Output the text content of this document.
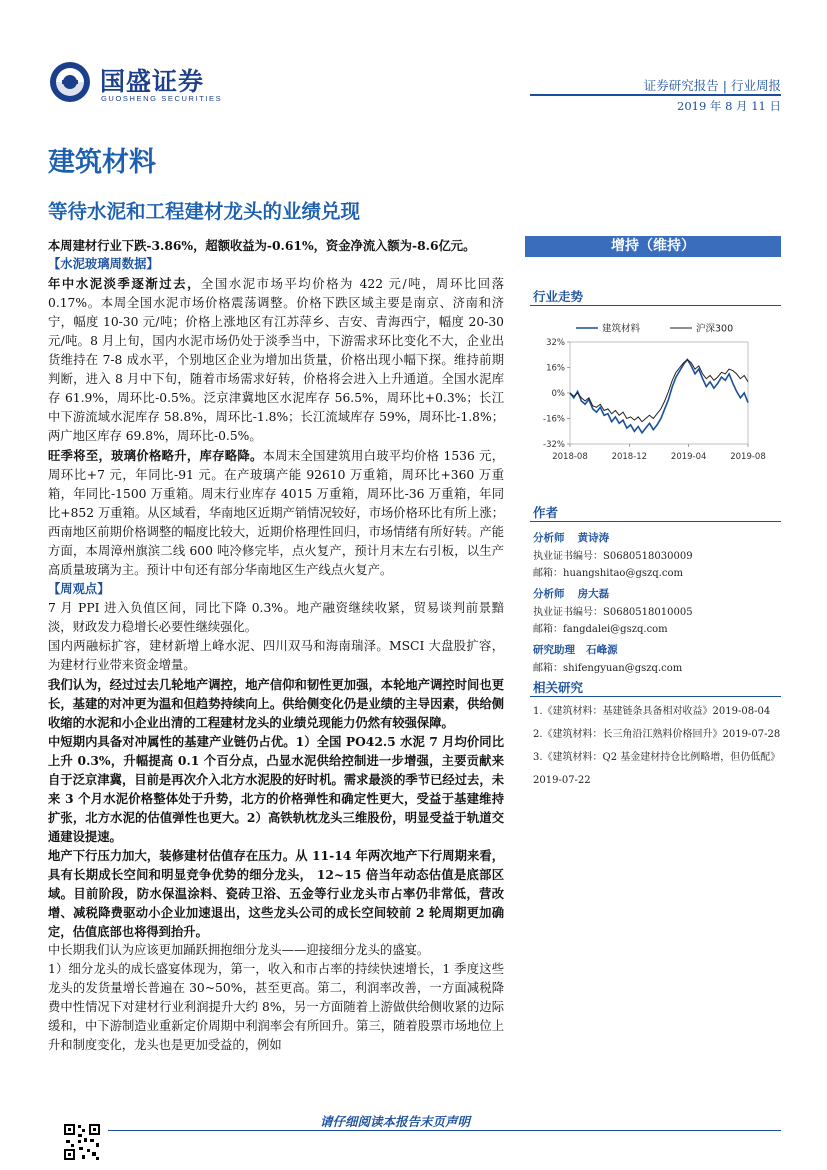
国盛证券
GUOSHENG SECURITIES
证券研究报告 | 行业周报
2019 年 8 月 11 日
建筑材料
等待水泥和工程建材龙头的业绩兑现

本周建材行业下跌-3.86%，超额收益为-0.61%，资金净流入额为-8.6亿元。

【水泥玻璃周数据】

年中水泥淡季逐渐过去，全国水泥市场平均价格为 422 元/吨，周环比回落 0.17%。本周全国水泥市场价格震荡调整。价格下跌区域主要是南京、济南和济宁，幅度 10-30 元/吨；价格上涨地区有江苏萍乡、吉安、青海西宁，幅度 20-30 元/吨。8 月上旬，国内水泥市场仍处于淡季当中，下游需求环比变化不大，企业出货维持在 7-8 成水平，个别地区企业为增加出货量，价格出现小幅下探。维持前期判断，进入 8 月中下旬，随着市场需求好转，价格将会进入上升通道。全国水泥库存 61.9%，周环比-0.5%。泛京津冀地区水泥库存 56.5%，周环比+0.3%；长江中下游流域水泥库存 58.8%，周环比-1.8%；长江流域库存 59%，周环比-1.8%；两广地区库存 69.8%，周环比-0.5%。

旺季将至，玻璃价格略升，库存略降。本周末全国建筑用白玻平均价格 1536 元，周环比+7 元，年同比-91 元。在产玻璃产能 92610 万重箱，周环比+360 万重箱，年同比-1500 万重箱。周末行业库存 4015 万重箱，周环比-36 万重箱，年同比+852 万重箱。从区域看，华南地区近期产销情况较好，市场价格环比有所上涨；西南地区前期价格调整的幅度比较大，近期价格理性回归，市场情绪有所好转。产能方面，本周漳州旗滨二线 600 吨冷修完毕，点火复产，预计月末左右引板，以生产高质量玻璃为主。预计中旬还有部分华南地区生产线点火复产。

【周观点】

7 月 PPI 进入负值区间，同比下降 0.3%。地产融资继续收紧，贸易谈判前景黯淡，财政发力稳增长必要性继续强化。

国内两融标扩容，建材新增上峰水泥、四川双马和海南瑞泽。MSCI 大盘股扩容，为建材行业带来资金增量。

我们认为，经过过去几轮地产调控，地产信仰和韧性更加强，本轮地产调控时间也更长，基建的对冲更为温和但趋势持续向上。供给侧变化仍是业绩的主导因素，供给侧收缩的水泥和小企业出清的工程建材龙头的业绩兑现能力仍然有较强保障。

中短期内具备对冲属性的基建产业链仍占优。1）全国 PO42.5 水泥 7 月均价同比上升 0.3%，升幅提高 0.1 个百分点，凸显水泥供给控制进一步增强，主要贡献来自于泛京津冀，目前是再次介入北方水泥股的好时机。需求最淡的季节已经过去，未来 3 个月水泥价格整体处于升势，北方的价格弹性和确定性更大，受益于基建维持扩张，北方水泥的估值弹性也更大。2）高铁轨枕龙头三维股份，明显受益于轨道交通建设提速。

地产下行压力加大，装修建材估值存在压力。从 11-14 年两次地产下行周期来看，具有长期成长空间和明显竞争优势的细分龙头， 12~15 倍当年动态估值是底部区域。目前阶段，防水保温涂料、瓷砖卫浴、五金等行业龙头市占率仍非常低，营改增、减税降费驱动小企业加速退出，这些龙头公司的成长空间较前 2 轮周期更加确定，估值底部也将得到抬升。

中长期我们认为应该更加踊跃拥抱细分龙头——迎接细分龙头的盛宴。

1）细分龙头的成长盛宴体现为，第一，收入和市占率的持续快速增长，1 季度这些龙头的发货量增长普遍在 30~50%，甚至更高。第二，利润率改善，一方面减税降费中性情况下对建材行业利润提升大约 8%，另一方面随着上游做供给侧收紧的边际缓和，中下游制造业重新定价周期中利润率会有所回升。第三，随着股票市场地位上升和制度变化，龙头也是更加受益的，例如

增持（维持）
行业走势
32%
16%
0%
-16%
-32%
2018-08	2018-12	2019-04	2019-08
建筑材料	沪深300
作者
分析师 黄诗涛
执业证书编号：S0680518030009
邮箱：huangshitao@gszq.com
分析师 房大磊
执业证书编号：S0680518010005
邮箱：fangdalei@gszq.com
研究助理 石峰源
邮箱：shifengyuan@gszq.com
相关研究
1.《建筑材料：基建链条具备相对收益》2019-08-04
2.《建筑材料：长三角沿江熟料价格回升》2019-07-28
3.《建筑材料：Q2 基金建材持仓比例略增，但仍低配》
2019-07-22
请仔细阅读本报告末页声明
